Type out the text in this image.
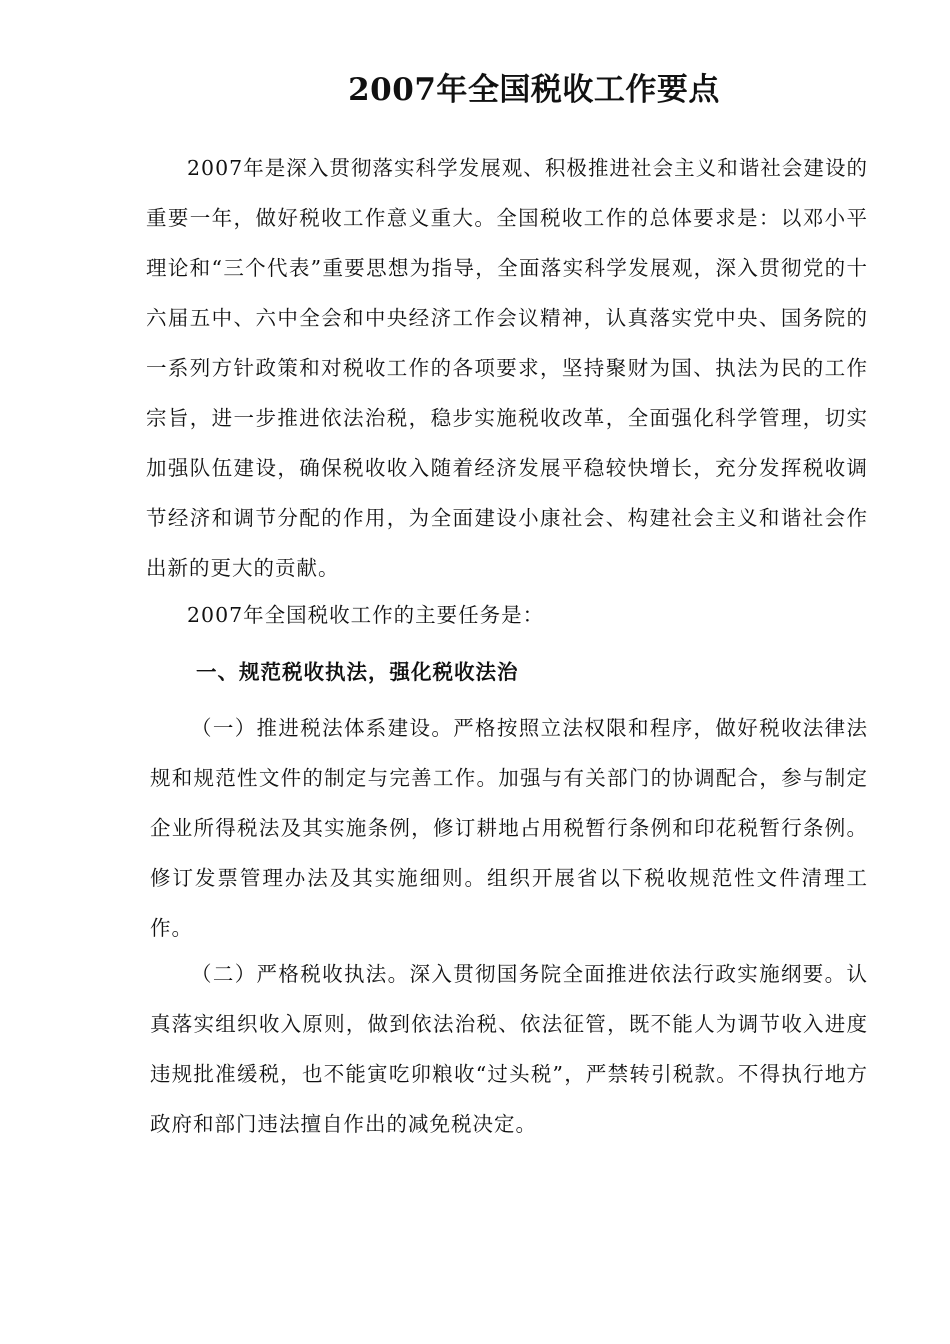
2007年全国税收工作要点

2007年是深入贯彻落实科学发展观、积极推进社会主义和谐社会建设的重要一年，做好税收工作意义重大。全国税收工作的总体要求是：以邓小平理论和“三个代表”重要思想为指导，全面落实科学发展观，深入贯彻党的十六届五中、六中全会和中央经济工作会议精神，认真落实党中央、国务院的一系列方针政策和对税收工作的各项要求，坚持聚财为国、执法为民的工作宗旨，进一步推进依法治税，稳步实施税收改革，全面强化科学管理，切实加强队伍建设，确保税收收入随着经济发展平稳较快增长，充分发挥税收调节经济和调节分配的作用，为全面建设小康社会、构建社会主义和谐社会作出新的更大的贡献。

2007年全国税收工作的主要任务是：

一、规范税收执法，强化税收法治

（一）推进税法体系建设。严格按照立法权限和程序，做好税收法律法规和规范性文件的制定与完善工作。加强与有关部门的协调配合，参与制定企业所得税法及其实施条例，修订耕地占用税暂行条例和印花税暂行条例。修订发票管理办法及其实施细则。组织开展省以下税收规范性文件清理工作。

（二）严格税收执法。深入贯彻国务院全面推进依法行政实施纲要。认真落实组织收入原则，做到依法治税、依法征管，既不能人为调节收入进度违规批准缓税，也不能寅吃卯粮收“过头税”，严禁转引税款。不得执行地方政府和部门违法擅自作出的减免税决定。
